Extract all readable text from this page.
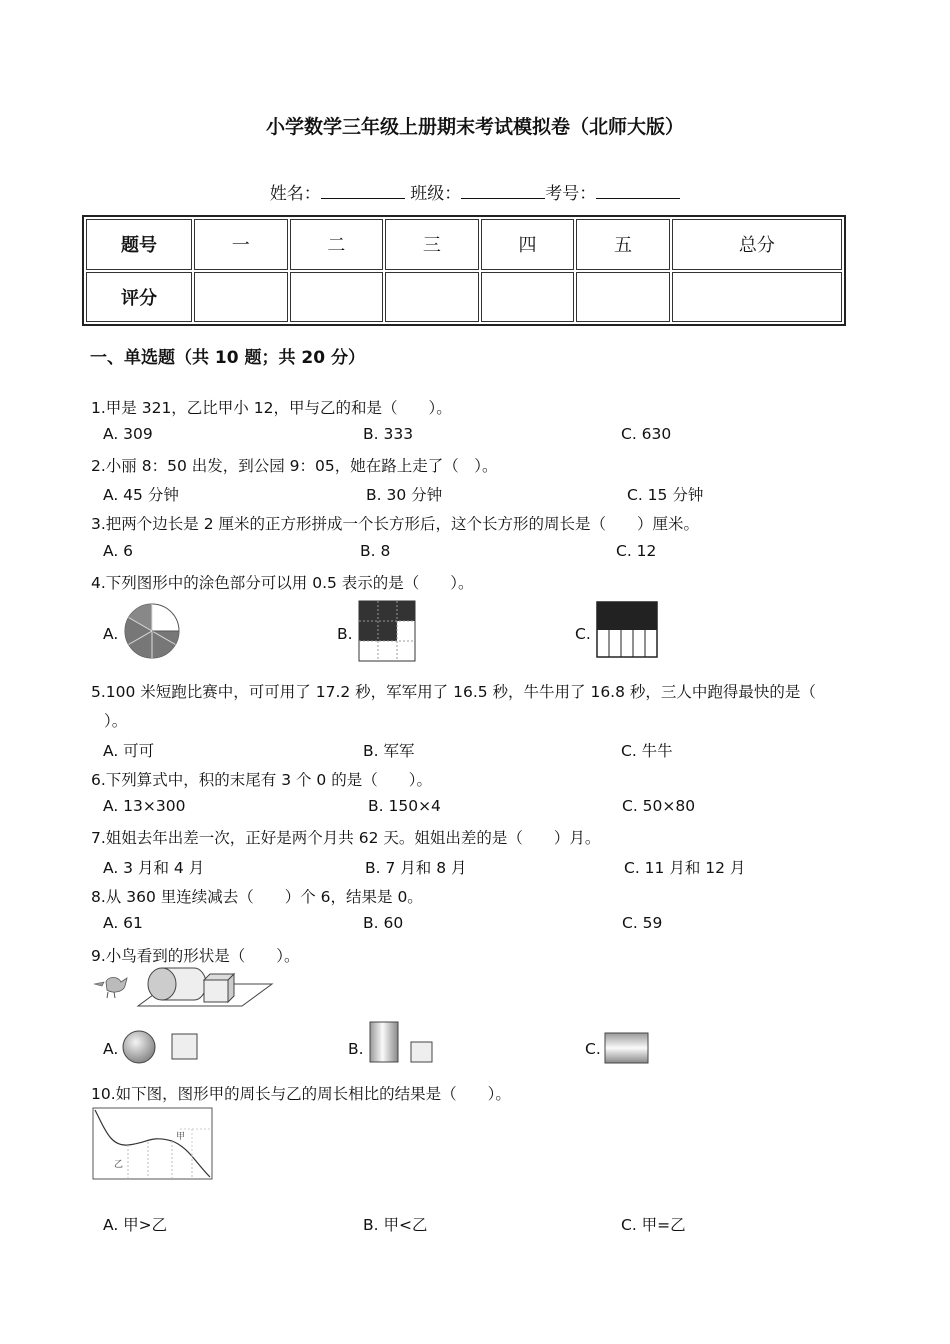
小学数学三年级上册期末考试模拟卷（北师大版）
姓名：	班级：	考号：
题号	一	二	三	四	五	总分
评分						
一、单选题（共 10 题；共 20 分）
1.甲是 321，乙比甲小 12，甲与乙的和是（　　）。
A. 309	B. 333	C. 630
2.小丽 8：50 出发，到公园 9：05，她在路上走了（　）。
A. 45 分钟	B. 30 分钟	C. 15 分钟
3.把两个边长是 2 厘米的正方形拼成一个长方形后，这个长方形的周长是（　　）厘米。
A. 6	B. 8	C. 12
4.下列图形中的涂色部分可以用 0.5 表示的是（　　）。
A.	B.	C.
5.100 米短跑比赛中，可可用了 17.2 秒，军军用了 16.5 秒，牛牛用了 16.8 秒，三人中跑得最快的是（
）。
A. 可可	B. 军军	C. 牛牛
6.下列算式中，积的末尾有 3 个 0 的是（　　）。
A. 13×300	B. 150×4	C. 50×80
7.姐姐去年出差一次，正好是两个月共 62 天。姐姐出差的是（　　）月。
A. 3 月和 4 月	B. 7 月和 8 月	C. 11 月和 12 月
8.从 360 里连续减去（　　）个 6，结果是 0。
A. 61	B. 60	C. 59
9.小鸟看到的形状是（　　）。
A.	B.	C.
10.如下图，图形甲的周长与乙的周长相比的结果是（　　）。
甲
乙
A. 甲>乙	B. 甲<乙	C. 甲=乙
